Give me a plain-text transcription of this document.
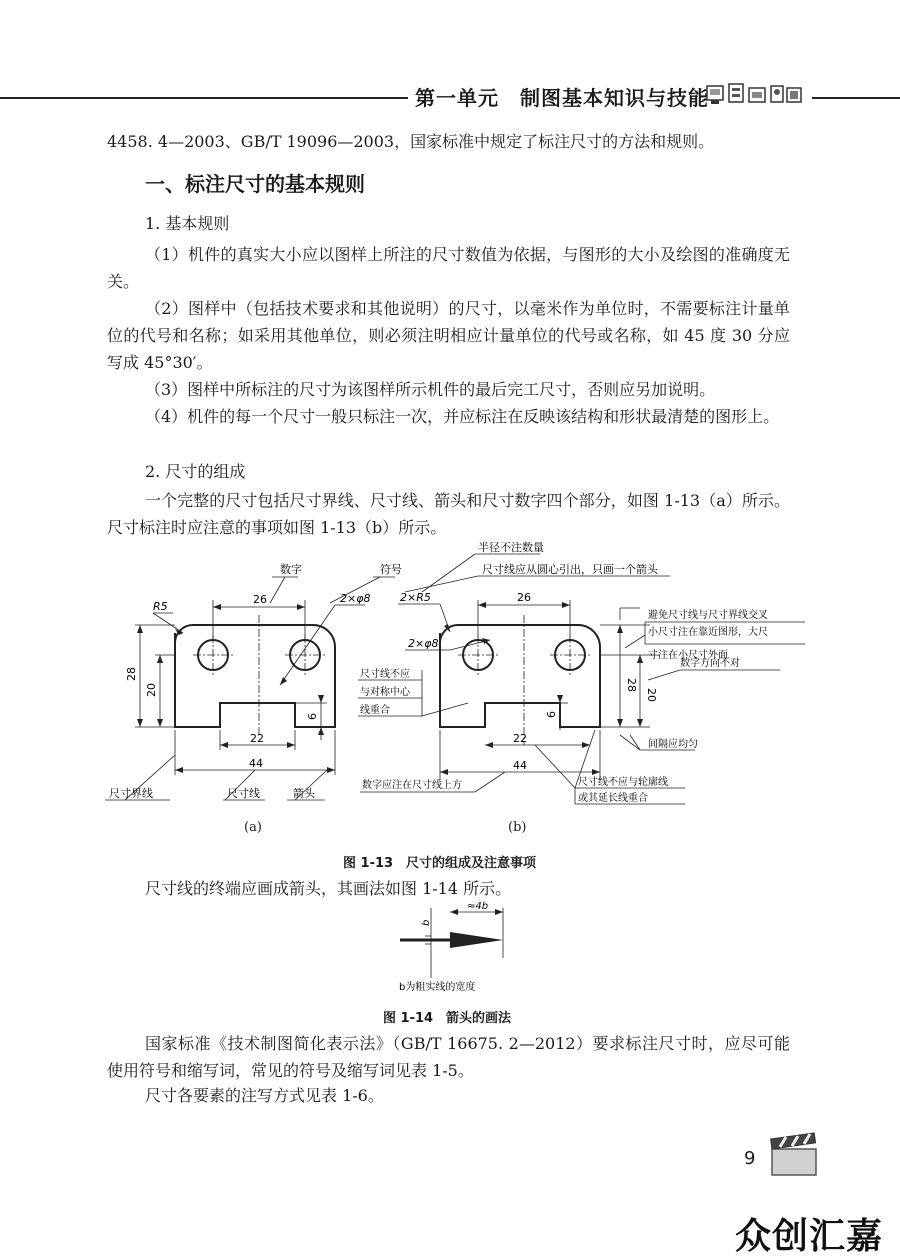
第一单元　制图基本知识与技能
4458. 4—2003、GB/T 19096—2003，国家标准中规定了标注尺寸的方法和规则。
一、标注尺寸的基本规则
1. 基本规则
（1）机件的真实大小应以图样上所注的尺寸数值为依据，与图形的大小及绘图的准确度无关。
（2）图样中（包括技术要求和其他说明）的尺寸，以毫米作为单位时，不需要标注计量单位的代号和名称；如采用其他单位，则必须注明相应计量单位的代号或名称，如 45 度 30 分应写成 45°30′。
（3）图样中所标注的尺寸为该图样所示机件的最后完工尺寸，否则应另加说明。
（4）机件的每一个尺寸一般只标注一次，并应标注在反映该结构和形状最清楚的图形上。
2. 尺寸的组成
一个完整的尺寸包括尺寸界线、尺寸线、箭头和尺寸数字四个部分，如图 1-13（a）所示。尺寸标注时应注意的事项如图 1-13（b）所示。
数字	符号
26	2×φ8
R5
28
20
6
22
44
尺寸界线	尺寸线	箭头
半径不注数量
尺寸线应从圆心引出，只画一个箭头
2×R5	26
2×φ8
避免尺寸线与尺寸界线交叉
小尺寸注在靠近图形，大尺
寸注在小尺寸外面
数字方向不对
尺寸线不应
与对称中心
线重合
28
20
6
22
44
间隔应均匀
数字应注在尺寸线上方	尺寸线不应与轮廓线
或其延长线重合
(a)	(b)
图 1-13　尺寸的组成及注意事项
尺寸线的终端应画成箭头，其画法如图 1-14 所示。
≈4b
b
b为粗实线的宽度
图 1-14　箭头的画法
国家标准《技术制图简化表示法》（GB/T 16675. 2—2012）要求标注尺寸时，应尽可能使用符号和缩写词，常见的符号及缩写词见表 1-5。
尺寸各要素的注写方式见表 1-6。
9
众创汇嘉
